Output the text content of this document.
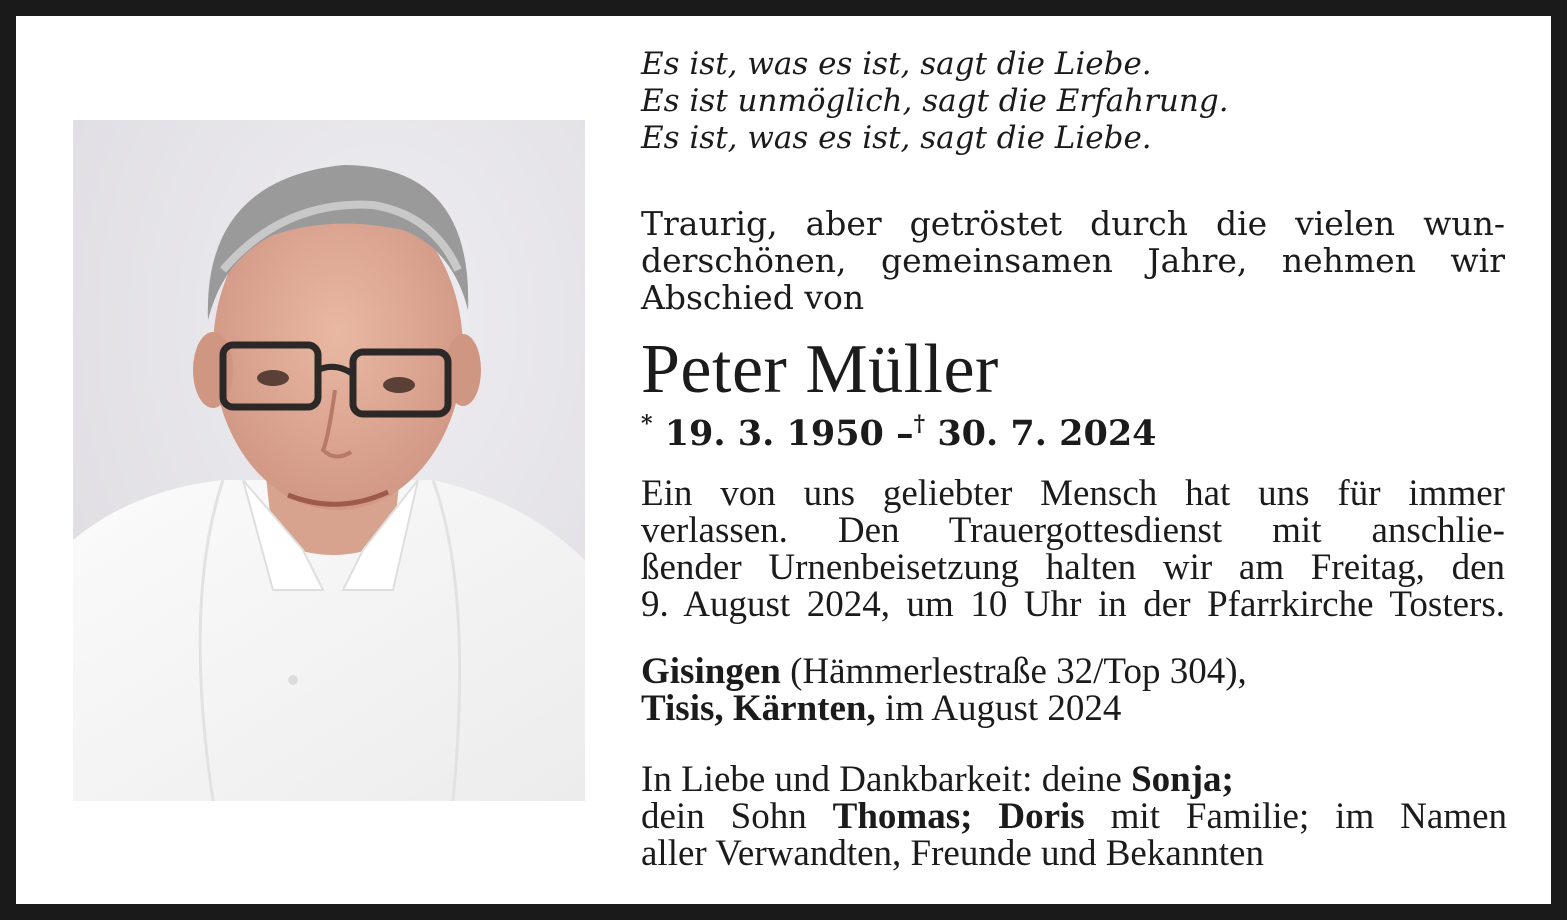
Es ist, was es ist, sagt die Liebe.
Es ist unmöglich, sagt die Erfahrung.
Es ist, was es ist, sagt die Liebe.
Traurig, aber getröstet durch die vielen wun-
derschönen, gemeinsamen Jahre, nehmen wir
Abschied von
Peter Müller
* 19. 3. 1950 –† 30. 7. 2024
Ein von uns geliebter Mensch hat uns für immer
verlassen. Den Trauergottesdienst mit anschlie-
ßender Urnenbeisetzung halten wir am Freitag, den
9. August 2024, um 10 Uhr in der Pfarrkirche Tosters.
Gisingen (Hämmerlestraße 32/Top 304),
Tisis, Kärnten, im August 2024
In Liebe und Dankbarkeit: deine Sonja;
dein Sohn Thomas; Doris mit Familie; im Namen
aller Verwandten, Freunde und Bekannten
